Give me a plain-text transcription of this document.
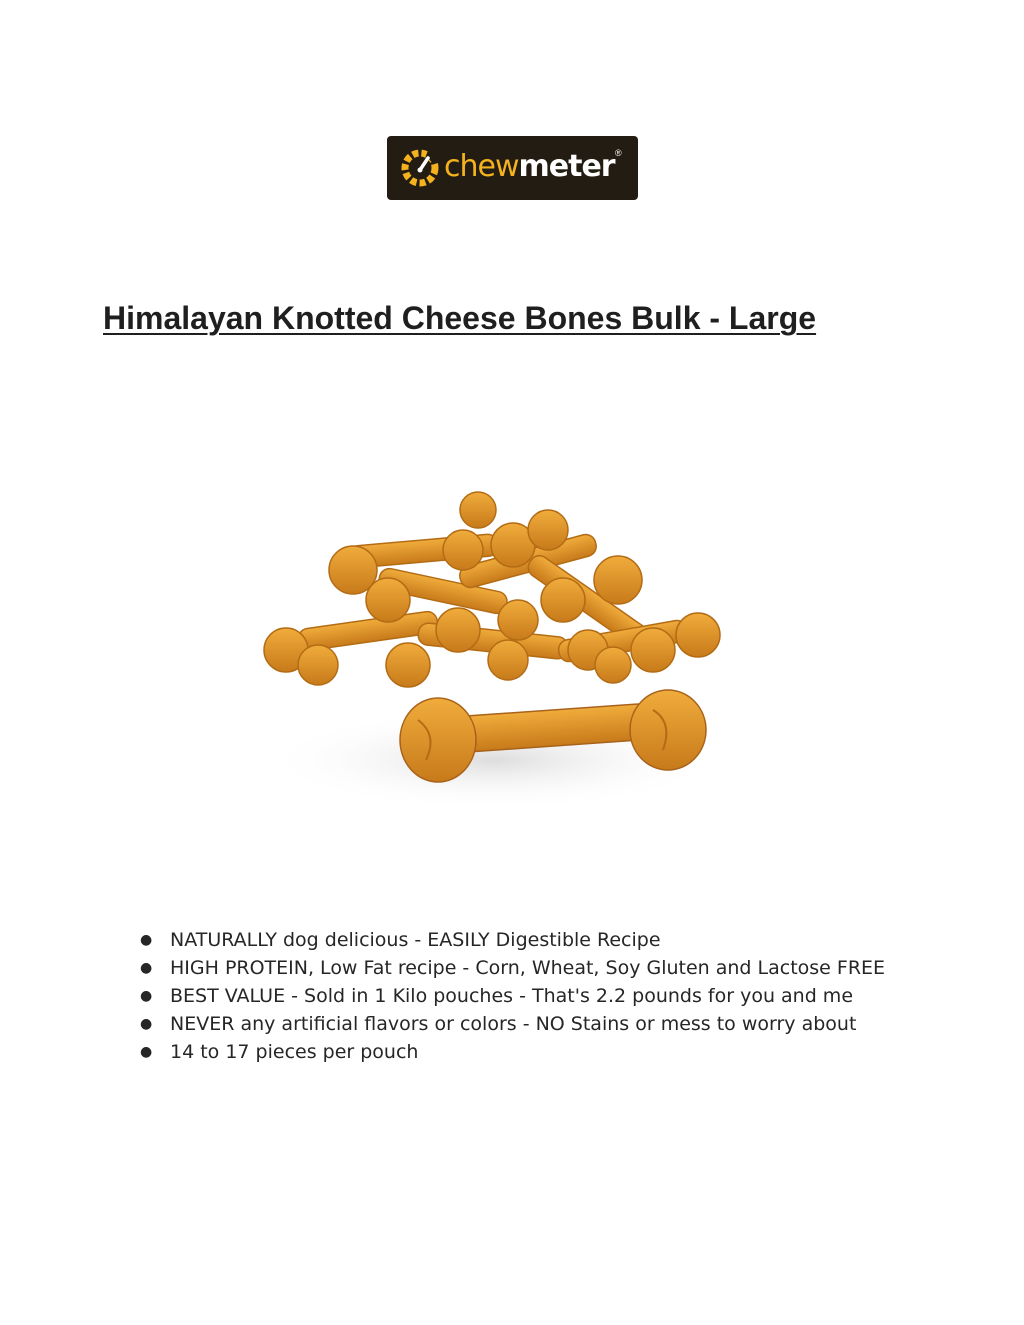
chewmeter ®
Himalayan Knotted Cheese Bones Bulk - Large
● NATURALLY dog delicious - EASILY Digestible Recipe
● HIGH PROTEIN, Low Fat recipe - Corn, Wheat, Soy Gluten and Lactose FREE
● BEST VALUE - Sold in 1 Kilo pouches - That's 2.2 pounds for you and me
● NEVER any artificial flavors or colors - NO Stains or mess to worry about
● 14 to 17 pieces per pouch
